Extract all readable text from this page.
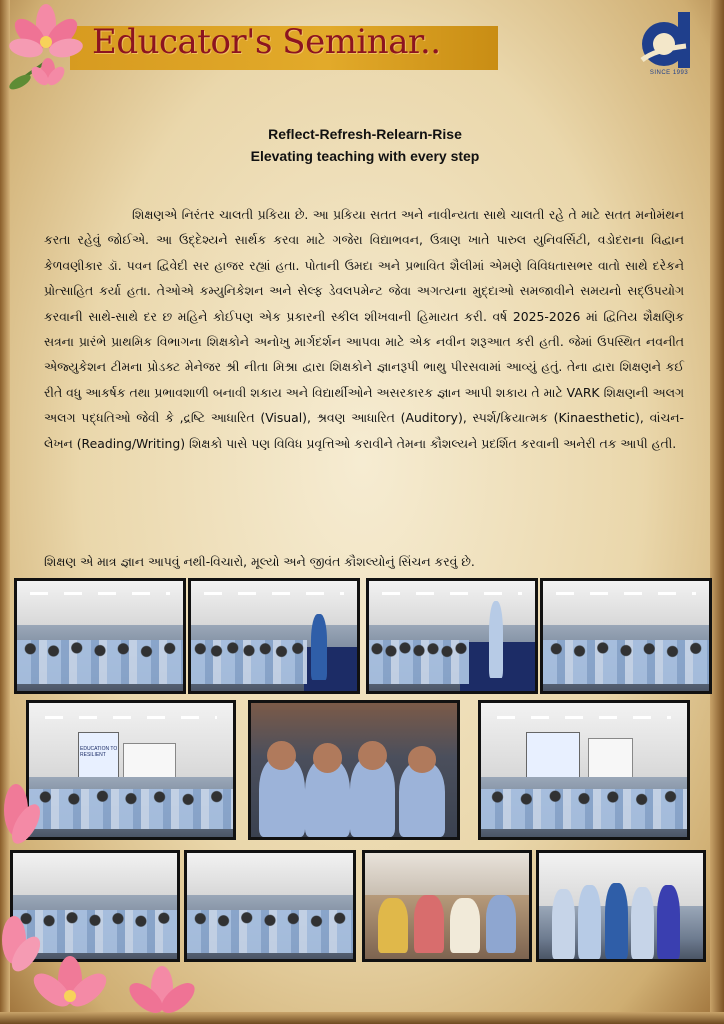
Educator's Seminar..
SINCE 1993
Reflect-Refresh-Relearn-Rise
Elevating teaching with every step
શિક્ષણએ નિરંતર ચાલતી પ્રકિયા છે. આ પ્રકિયા સતત અને નાવીન્યતા સાથે ચાલતી રહે તે માટે સતત મનોમંથન કરતા રહેવું જોઈએ. આ ઉદ્દેશ્યને સાર્થક કરવા માટે ગજેરા વિદ્યાભવન, ઉત્રાણ ખાતે પારુલ યુનિવર્સિટી, વડોદરાના વિદ્વાન કેળવણીકાર ડૉ. પવન દ્વિવેદી સર હાજર રહ્યાં હતા. પોતાની ઉમદા અને પ્રભાવિત શૈલીમાં એમણે વિવિધતાસભર વાતો સાથે દરેકને પ્રોત્સાહિત કર્યા હતા. તેઓએ કમ્યુનિકેશન અને સેલ્ફ ડેવલપમેન્ટ જેવા અગત્યના મુદ્દાઓ સમજાવીને સમયનો સદ્ઉપયોગ કરવાની સાથે-સાથે દર છ મહિને કોઈપણ એક પ્રકારની સ્કીલ શીખવાની હિમાયત કરી. વર્ષ 2025-2026 માં દ્વિતિય શૈક્ષણિક સત્રના પ્રારંભે પ્રાથમિક વિભાગના શિક્ષકોને અનોખુ માર્ગદર્શન આપવા માટે એક નવીન શરૂઆત કરી હતી. જેમાં ઉપસ્થિત નવનીત એજ્યુકેશન ટીમના પ્રોડક્ટ મેનેજર શ્રી નીતા મિશ્રા દ્વારા શિક્ષકોને જ્ઞાનરૂપી ભાથુ પીરસવામાં આવ્યું હતું. તેના દ્વારા શિક્ષણને કઈ રીતે વધુ આકર્ષક તથા પ્રભાવશાળી બનાવી શકાય અને વિદ્યાર્થીઓને અસરકારક જ્ઞાન આપી શકાય તે માટે VARK શિક્ષણની અલગ અલગ પદ્ધતિઓ જેવી કે ,દ્રષ્ટિ આધારિત (Visual), શ્રવણ આધારિત (Auditory), સ્પર્શ/ક્રિયાત્મક (Kinaesthetic), વાંચન-લેખન (Reading/Writing) શિક્ષકો પાસે પણ વિવિધ પ્રવૃત્તિઓ કરાવીને તેમના કૌશલ્યને પ્રદર્શિત કરવાની અનેરી તક આપી હતી.
શિક્ષણ એ માત્ર જ્ઞાન આપવું નથી-વિચારો, મૂલ્યો અને જીવંત કૌશલ્યોનું સિંચન કરવું છે.
EDUCATION TO RESILIENT
